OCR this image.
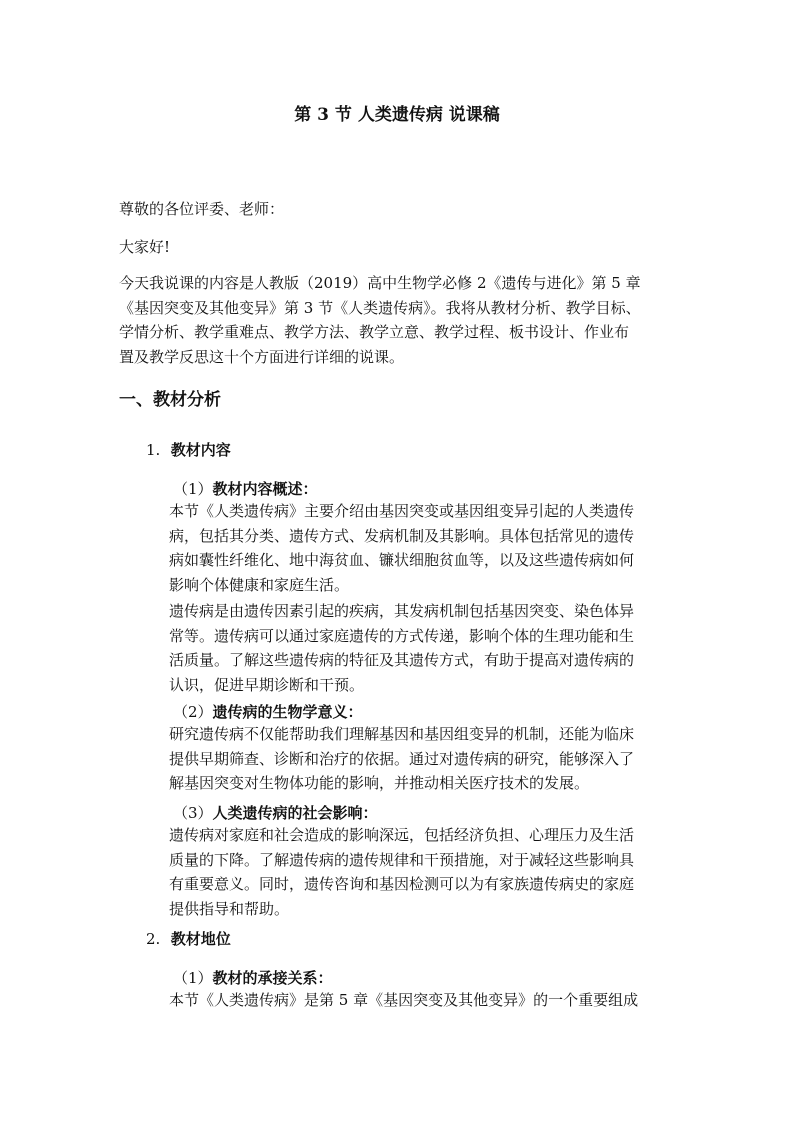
第 3 节 人类遗传病 说课稿
尊敬的各位评委、老师：
大家好!
今天我说课的内容是人教版（2019）高中生物学必修 2《遗传与进化》第 5 章
《基因突变及其他变异》第 3 节《人类遗传病》。我将从教材分析、教学目标、
学情分析、教学重难点、教学方法、教学立意、教学过程、板书设计、作业布
置及教学反思这十个方面进行详细的说课。
一、教材分析
1. 教材内容
（1）教材内容概述：
本节《人类遗传病》主要介绍由基因突变或基因组变异引起的人类遗传
病，包括其分类、遗传方式、发病机制及其影响。具体包括常见的遗传
病如囊性纤维化、地中海贫血、镰状细胞贫血等，以及这些遗传病如何
影响个体健康和家庭生活。
遗传病是由遗传因素引起的疾病，其发病机制包括基因突变、染色体异
常等。遗传病可以通过家庭遗传的方式传递，影响个体的生理功能和生
活质量。了解这些遗传病的特征及其遗传方式，有助于提高对遗传病的
认识，促进早期诊断和干预。
（2）遗传病的生物学意义：
研究遗传病不仅能帮助我们理解基因和基因组变异的机制，还能为临床
提供早期筛查、诊断和治疗的依据。通过对遗传病的研究，能够深入了
解基因突变对生物体功能的影响，并推动相关医疗技术的发展。
（3）人类遗传病的社会影响：
遗传病对家庭和社会造成的影响深远，包括经济负担、心理压力及生活
质量的下降。了解遗传病的遗传规律和干预措施，对于减轻这些影响具
有重要意义。同时，遗传咨询和基因检测可以为有家族遗传病史的家庭
提供指导和帮助。
2. 教材地位
（1）教材的承接关系：
本节《人类遗传病》是第 5 章《基因突变及其他变异》的一个重要组成
